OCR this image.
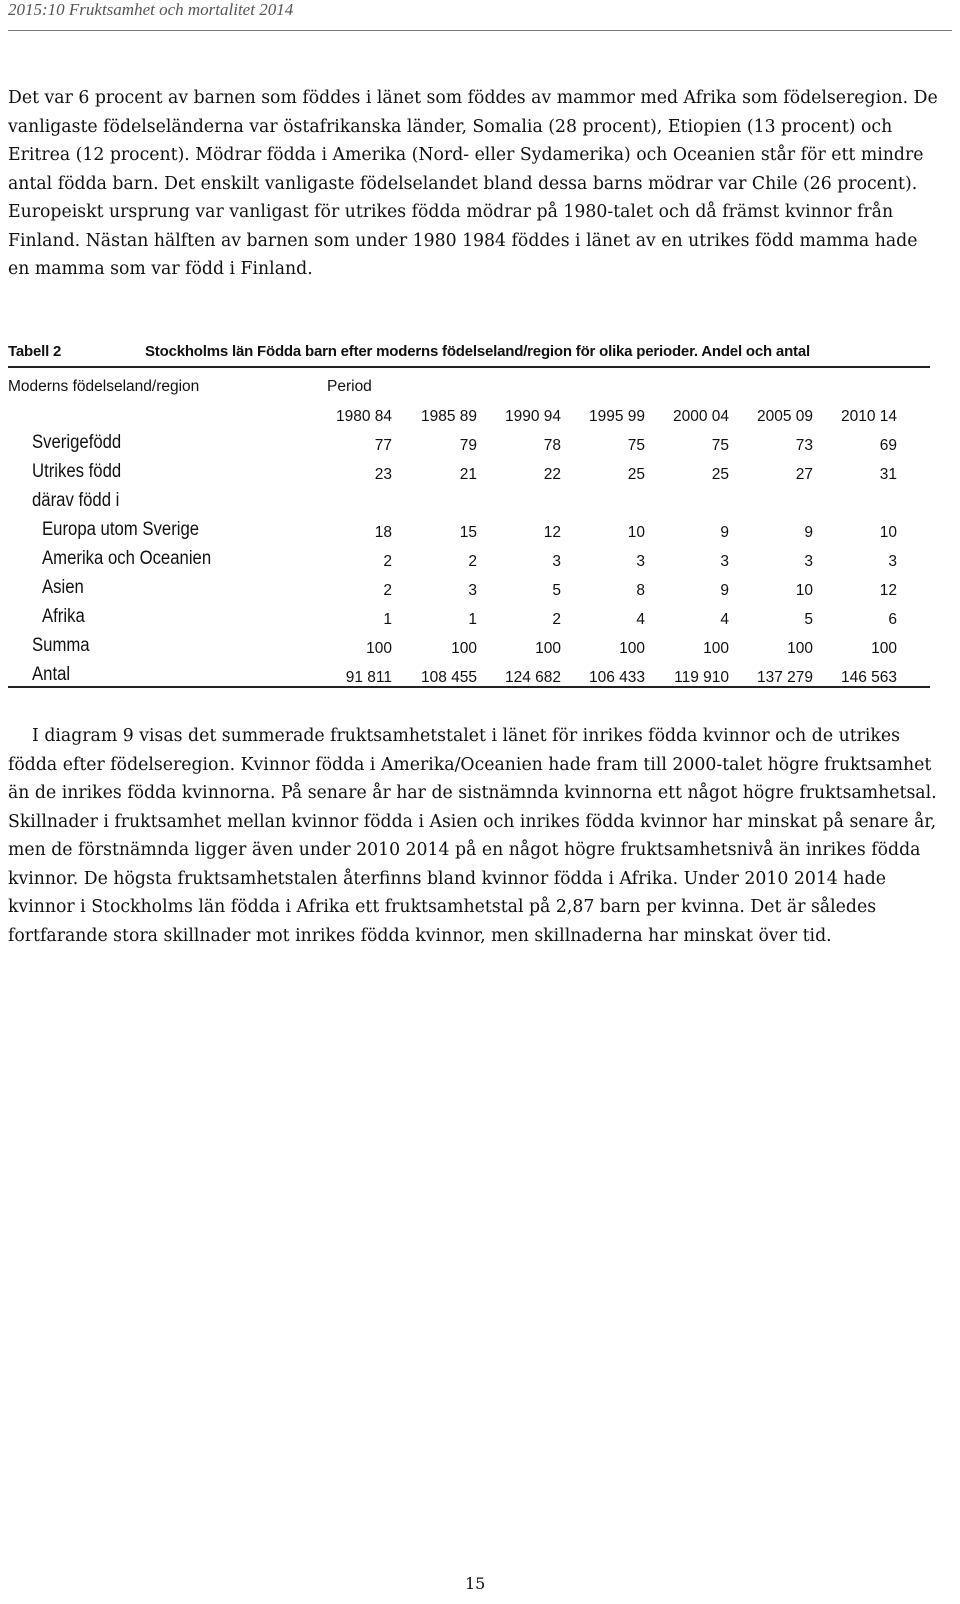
2015:10 Fruktsamhet och mortalitet 2014
Det var 6 procent av barnen som föddes i länet som föddes av mammor med Afrika som födelseregion. De vanligaste födelseländerna var östafrikanska länder, Somalia (28 procent), Etiopien (13 procent) och Eritrea (12 procent). Mödrar födda i Amerika (Nord- eller Sydamerika) och Oceanien står för ett mindre antal födda barn. Det enskilt vanligaste födelselandet bland dessa barns mödrar var Chile (26 procent). Europeiskt ursprung var vanligast för utrikes födda mödrar på 1980-talet och då främst kvinnor från Finland. Nästan hälften av barnen som under 1980 1984 föddes i länet av en utrikes född mamma hade en mamma som var född i Finland.
Tabell 2	Stockholms län Födda barn efter moderns födelseland/region för olika perioder. Andel och antal
Moderns födelseland/region	Period
1980 84	1985 89	1990 94	1995 99	2000 04	2005 09	2010 14
Sverigefödd	77	79	78	75	75	73	69
Utrikes född	23	21	22	25	25	27	31
därav född i
Europa utom Sverige	18	15	12	10	9	9	10
Amerika och Oceanien	2	2	3	3	3	3	3
Asien	2	3	5	8	9	10	12
Afrika	1	1	2	4	4	5	6
Summa	100	100	100	100	100	100	100
Antal	91 811	108 455	124 682	106 433	119 910	137 279	146 563
I diagram 9 visas det summerade fruktsamhetstalet i länet för inrikes födda kvinnor och de utrikes födda efter födelseregion. Kvinnor födda i Amerika/Oceanien hade fram till 2000-talet högre fruktsamhet än de inrikes födda kvinnorna. På senare år har de sistnämnda kvinnorna ett något högre fruktsamhetsal. Skillnader i fruktsamhet mellan kvinnor födda i Asien och inrikes födda kvinnor har minskat på senare år, men de förstnämnda ligger även under 2010 2014 på en något högre fruktsamhetsnivå än inrikes födda kvinnor. De högsta fruktsamhetstalen återfinns bland kvinnor födda i Afrika. Under 2010 2014 hade kvinnor i Stockholms län födda i Afrika ett fruktsamhetstal på 2,87 barn per kvinna. Det är således fortfarande stora skillnader mot inrikes födda kvinnor, men skillnaderna har minskat över tid.
15
